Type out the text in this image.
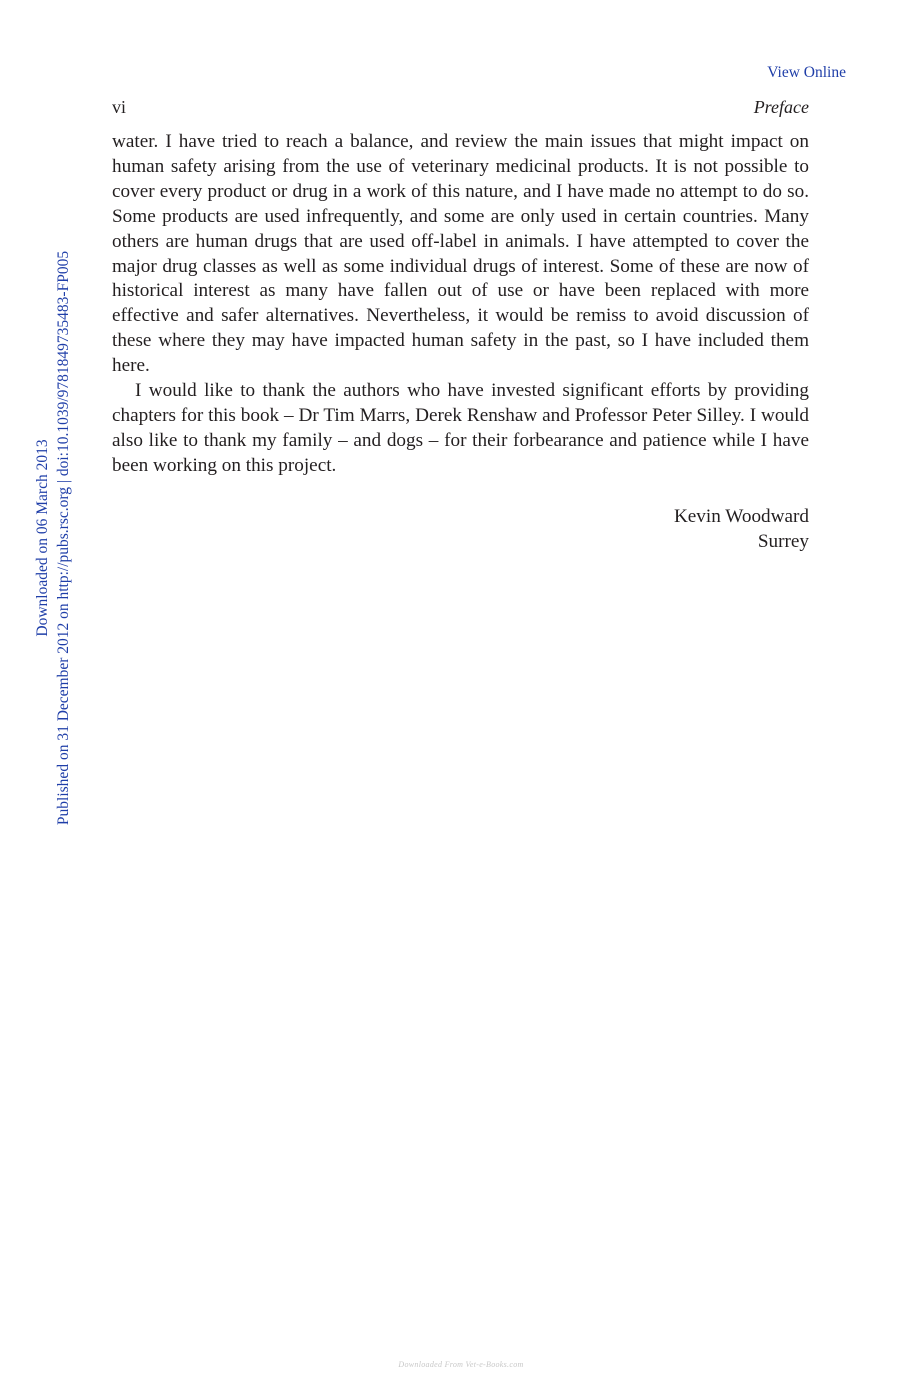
View Online
vi	Preface

water. I have tried to reach a balance, and review the main issues that might impact on human safety arising from the use of veterinary medicinal products. It is not possible to cover every product or drug in a work of this nature, and I have made no attempt to do so. Some products are used infrequently, and some are only used in certain countries. Many others are human drugs that are used off-label in animals. I have attempted to cover the major drug classes as well as some individual drugs of interest. Some of these are now of historical interest as many have fallen out of use or have been replaced with more effective and safer alternatives. Nevertheless, it would be remiss to avoid discussion of these where they may have impacted human safety in the past, so I have included them here.

I would like to thank the authors who have invested significant efforts by providing chapters for this book – Dr Tim Marrs, Derek Renshaw and Professor Peter Silley. I would also like to thank my family – and dogs – for their forbearance and patience while I have been working on this project.

Kevin Woodward
Surrey
Downloaded on 06 March 2013 Published on 31 December 2012 on http://pubs.rsc.org | doi:10.1039/9781849735483-FP005
Downloaded From Vet-e-Books.com
